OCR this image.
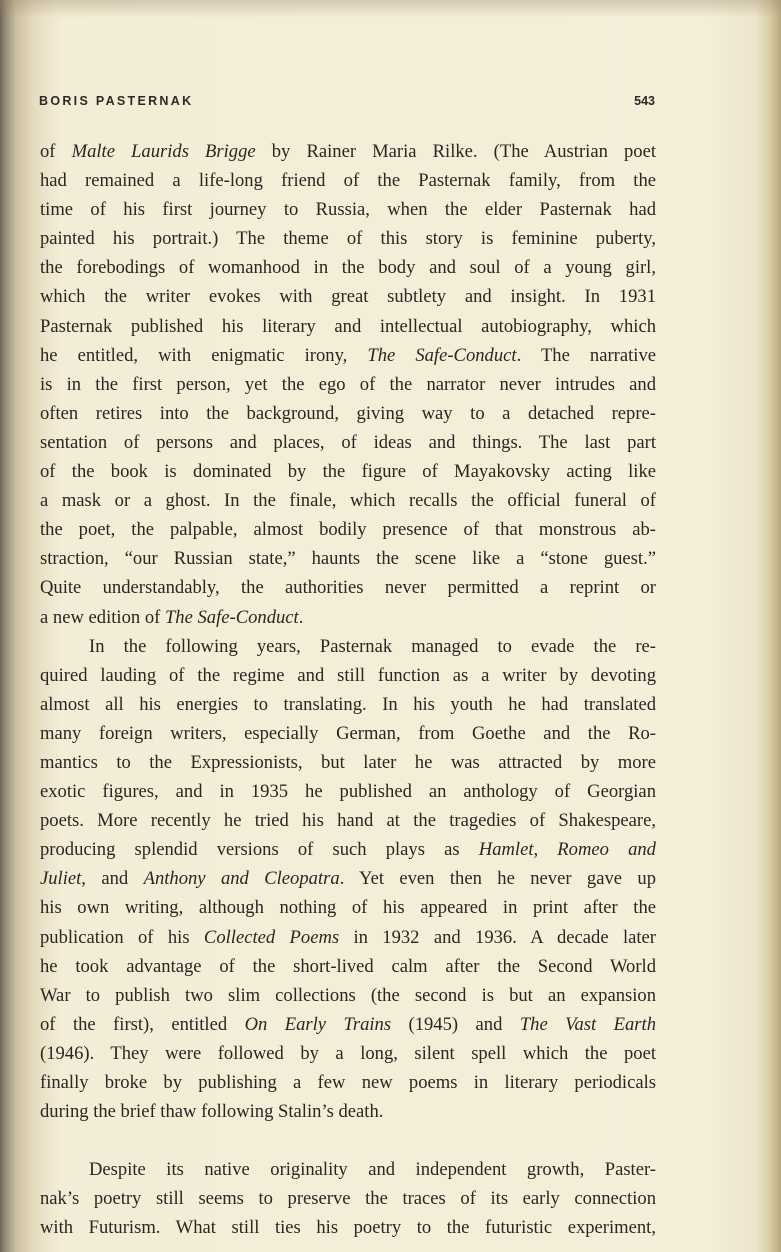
BORIS PASTERNAK	543
of Malte Laurids Brigge by Rainer Maria Rilke. (The Austrian poet
had remained a life-long friend of the Pasternak family, from the
time of his first journey to Russia, when the elder Pasternak had
painted his portrait.) The theme of this story is feminine puberty,
the forebodings of womanhood in the body and soul of a young girl,
which the writer evokes with great subtlety and insight. In 1931
Pasternak published his literary and intellectual autobiography, which
he entitled, with enigmatic irony, The Safe-Conduct. The narrative
is in the first person, yet the ego of the narrator never intrudes and
often retires into the background, giving way to a detached repre-
sentation of persons and places, of ideas and things. The last part
of the book is dominated by the figure of Mayakovsky acting like
a mask or a ghost. In the finale, which recalls the official funeral of
the poet, the palpable, almost bodily presence of that monstrous ab-
straction, “our Russian state,” haunts the scene like a “stone guest.”
Quite understandably, the authorities never permitted a reprint or
a new edition of The Safe-Conduct.
In the following years, Pasternak managed to evade the re-
quired lauding of the regime and still function as a writer by devoting
almost all his energies to translating. In his youth he had translated
many foreign writers, especially German, from Goethe and the Ro-
mantics to the Expressionists, but later he was attracted by more
exotic figures, and in 1935 he published an anthology of Georgian
poets. More recently he tried his hand at the tragedies of Shakespeare,
producing splendid versions of such plays as Hamlet, Romeo and
Juliet, and Anthony and Cleopatra. Yet even then he never gave up
his own writing, although nothing of his appeared in print after the
publication of his Collected Poems in 1932 and 1936. A decade later
he took advantage of the short-lived calm after the Second World
War to publish two slim collections (the second is but an expansion
of the first), entitled On Early Trains (1945) and The Vast Earth
(1946). They were followed by a long, silent spell which the poet
finally broke by publishing a few new poems in literary periodicals
during the brief thaw following Stalin’s death.
Despite its native originality and independent growth, Paster-
nak’s poetry still seems to preserve the traces of its early connection
with Futurism. What still ties his poetry to the futuristic experiment,
